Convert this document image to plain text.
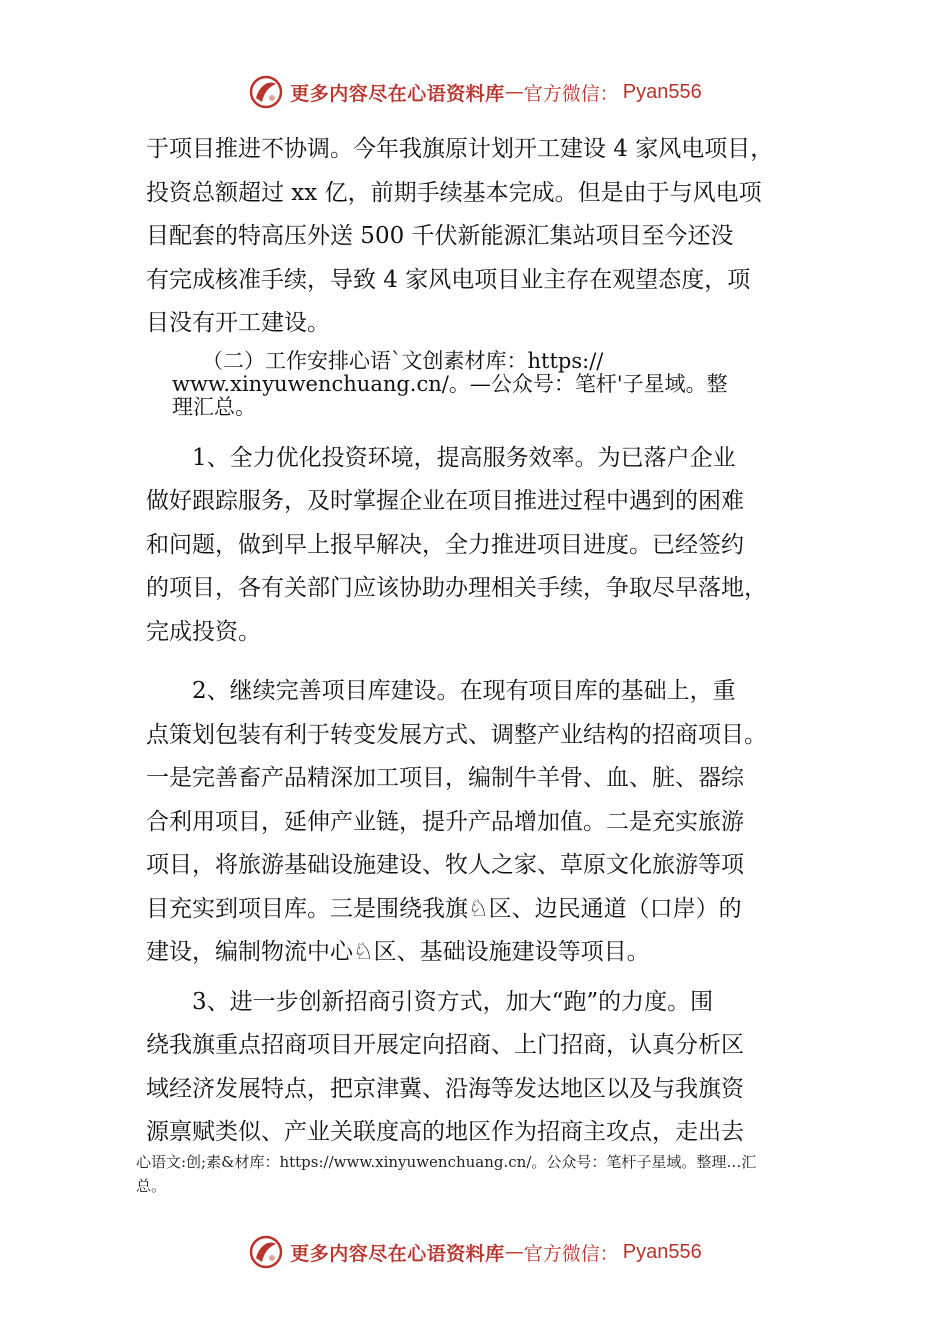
更多内容尽在心语资料库 — 官方微信： Pyan556
于项目推进不协调。今年我旗原计划开工建设 4 家风电项目，
投资总额超过 xx 亿，前期手续基本完成。但是由于与风电项
目配套的特高压外送 500 千伏新能源汇集站项目至今还没
有完成核准手续，导致 4 家风电项目业主存在观望态度，项
目没有开工建设。
（二）工作安排心语`文创素材库：https://
www.xinyuwenchuang.cn/。—公众号：笔杆'子星域。整
理汇总。
1、全力优化投资环境，提高服务效率。为已落户企业
做好跟踪服务，及时掌握企业在项目推进过程中遇到的困难
和问题，做到早上报早解决，全力推进项目进度。已经签约
的项目，各有关部门应该协助办理相关手续，争取尽早落地，
完成投资。
2、继续完善项目库建设。在现有项目库的基础上，重
点策划包装有利于转变发展方式、调整产业结构的招商项目。
一是完善畜产品精深加工项目，编制牛羊骨、血、脏、器综
合利用项目，延伸产业链，提升产品增加值。二是充实旅游
项目，将旅游基础设施建设、牧人之家、草原文化旅游等项
目充实到项目库。三是围绕我旗♘区、边民通道（口岸）的
建设，编制物流中心♘区、基础设施建设等项目。
3、进一步创新招商引资方式，加大“跑”的力度。围
绕我旗重点招商项目开展定向招商、上门招商，认真分析区
域经济发展特点，把京津冀、沿海等发达地区以及与我旗资
源禀赋类似、产业关联度高的地区作为招商主攻点，走出去
心语文:创;素&材库：https://www.xinyuwenchuang.cn/。公众号：笔杆子星域。整理…汇
总。
更多内容尽在心语资料库 — 官方微信： Pyan556
